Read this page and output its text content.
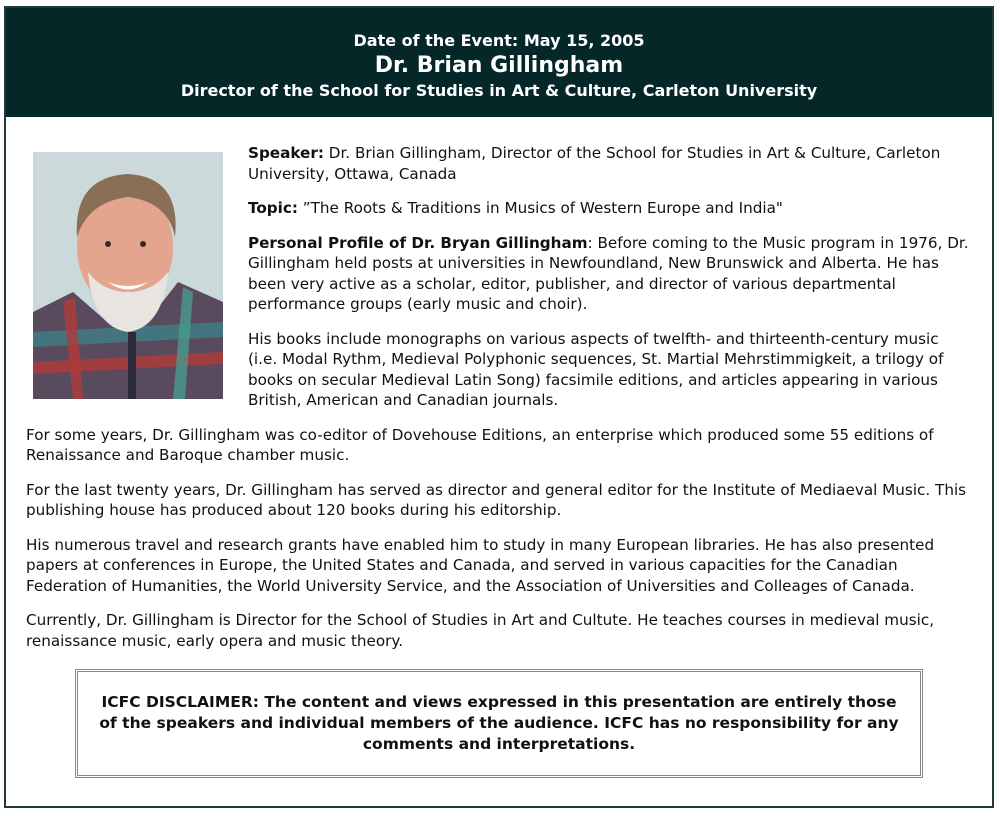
Date of the Event: May 15, 2005
Dr. Brian Gillingham
Director of the School for Studies in Art & Culture, Carleton University

Speaker: Dr. Brian Gillingham, Director of the School for Studies in Art & Culture, Carleton University, Ottawa, Canada

Topic: ”The Roots & Traditions in Musics of Western Europe and India"

Personal Profile of Dr. Bryan Gillingham: Before coming to the Music program in 1976, Dr. Gillingham held posts at universities in Newfoundland, New Brunswick and Alberta. He has been very active as a scholar, editor, publisher, and director of various departmental performance groups (early music and choir).

His books include monographs on various aspects of twelfth- and thirteenth-century music (i.e. Modal Rythm, Medieval Polyphonic sequences, St. Martial Mehrstimmigkeit, a trilogy of books on secular Medieval Latin Song) facsimile editions, and articles appearing in various British, American and Canadian journals.

For some years, Dr. Gillingham was co-editor of Dovehouse Editions, an enterprise which produced some 55 editions of Renaissance and Baroque chamber music.

For the last twenty years, Dr. Gillingham has served as director and general editor for the Institute of Mediaeval Music. This publishing house has produced about 120 books during his editorship.

His numerous travel and research grants have enabled him to study in many European libraries. He has also presented papers at conferences in Europe, the United States and Canada, and served in various capacities for the Canadian Federation of Humanities, the World University Service, and the Association of Universities and Colleages of Canada.

Currently, Dr. Gillingham is Director for the School of Studies in Art and Cultute. He teaches courses in medieval music, renaissance music, early opera and music theory.

ICFC DISCLAIMER: The content and views expressed in this presentation are entirely those of the speakers and individual members of the audience. ICFC has no responsibility for any comments and interpretations.
